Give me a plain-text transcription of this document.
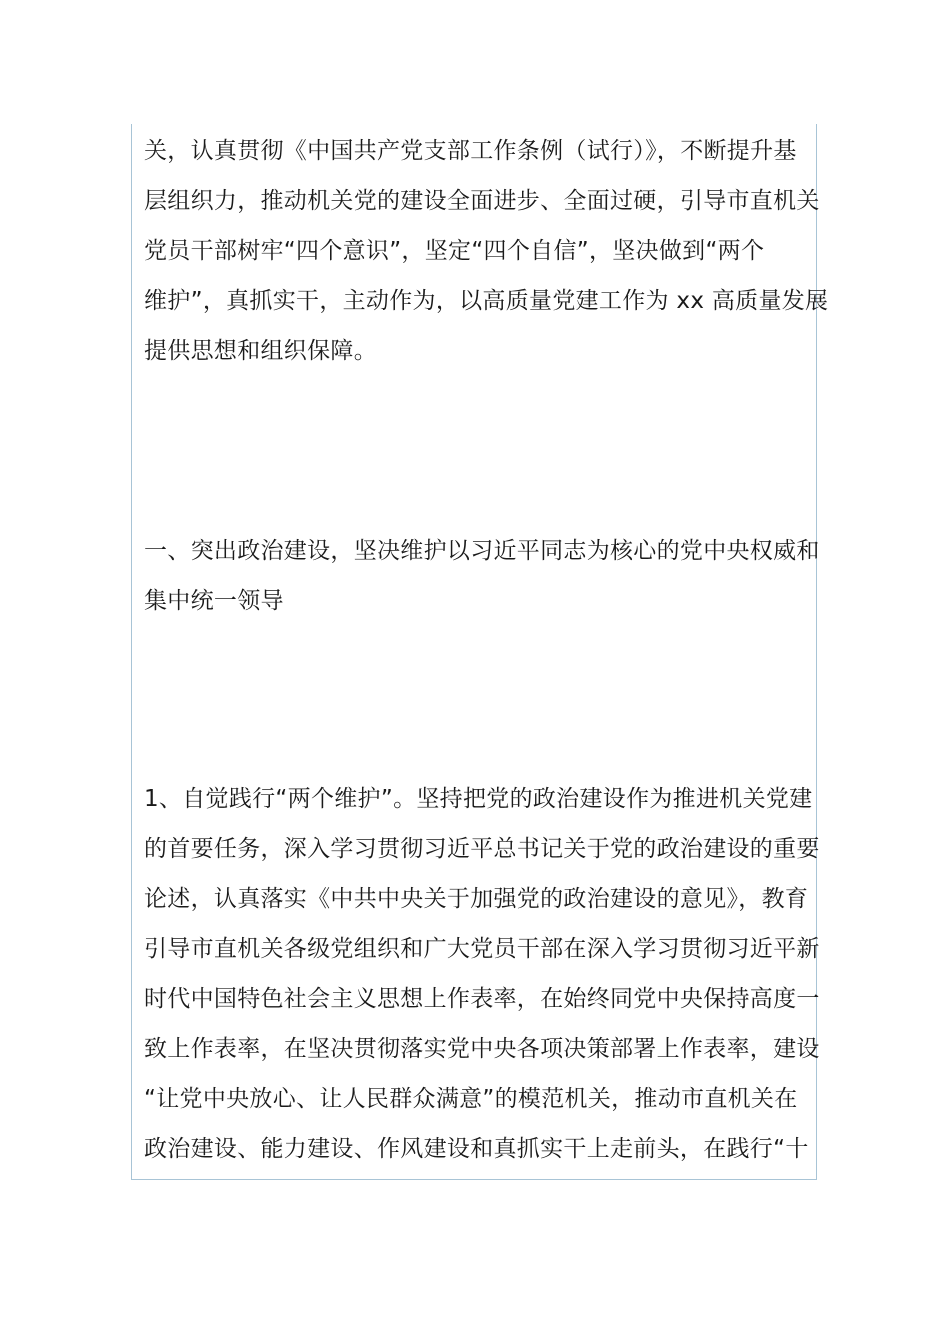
关，认真贯彻《中国共产党支部工作条例（试行）》，不断提升基
层组织力，推动机关党的建设全面进步、全面过硬，引导市直机关
党员干部树牢“四个意识”，坚定“四个自信”，坚决做到“两个
维护”，真抓实干，主动作为，以高质量党建工作为 xx 高质量发展
提供思想和组织保障。
一、突出政治建设，坚决维护以习近平同志为核心的党中央权威和
集中统一领导
1、自觉践行“两个维护”。坚持把党的政治建设作为推进机关党建
的首要任务，深入学习贯彻习近平总书记关于党的政治建设的重要
论述，认真落实《中共中央关于加强党的政治建设的意见》，教育
引导市直机关各级党组织和广大党员干部在深入学习贯彻习近平新
时代中国特色社会主义思想上作表率，在始终同党中央保持高度一
致上作表率，在坚决贯彻落实党中央各项决策部署上作表率，建设
“让党中央放心、让人民群众满意”的模范机关，推动市直机关在
政治建设、能力建设、作风建设和真抓实干上走前头，在践行“十
